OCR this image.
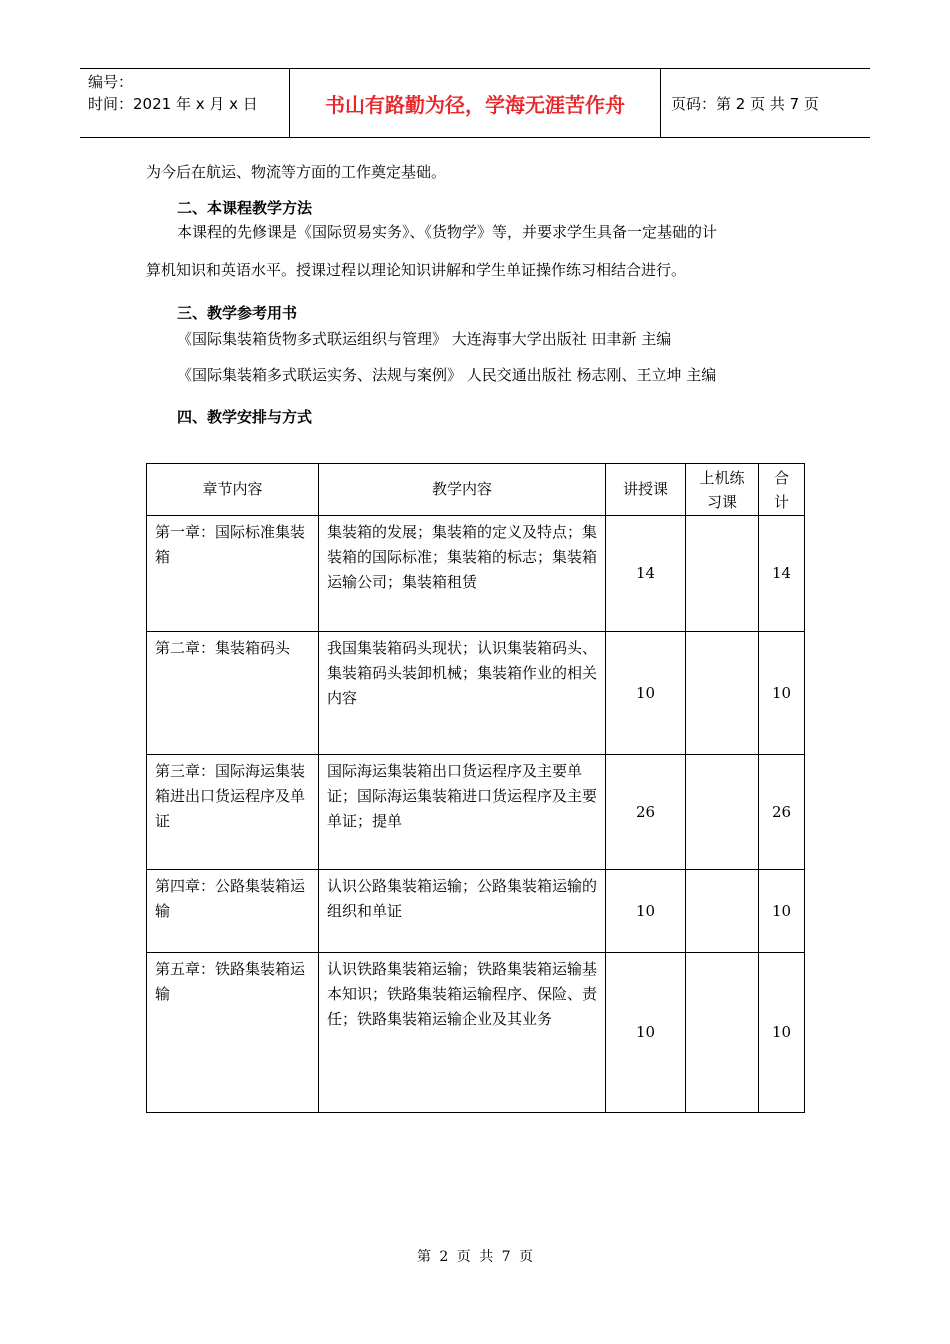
编号：
时间：2021 年 x 月 x 日	书山有路勤为径，学海无涯苦作舟	页码：第 2 页 共 7 页
为今后在航运、物流等方面的工作奠定基础。
二、本课程教学方法
本课程的先修课是《国际贸易实务》、《货物学》等，并要求学生具备一定基础的计
算机知识和英语水平。授课过程以理论知识讲解和学生单证操作练习相结合进行。
三、教学参考用书
《国际集装箱货物多式联运组织与管理》 大连海事大学出版社 田聿新 主编
《国际集装箱多式联运实务、法规与案例》 人民交通出版社 杨志刚、王立坤 主编
四、教学安排与方式
章节内容	教学内容	讲授课	上机练习课	合计
第一章：国际标准集装箱	集装箱的发展；集装箱的定义及特点；集装箱的国际标准；集装箱的标志；集装箱运输公司；集装箱租赁	14		14
第二章：集装箱码头	我国集装箱码头现状；认识集装箱码头、集装箱码头装卸机械；集装箱作业的相关内容	10		10
第三章：国际海运集装箱进出口货运程序及单证	国际海运集装箱出口货运程序及主要单证；国际海运集装箱进口货运程序及主要单证；提单	26		26
第四章：公路集装箱运输	认识公路集装箱运输；公路集装箱运输的组织和单证	10		10
第五章：铁路集装箱运输	认识铁路集装箱运输；铁路集装箱运输基本知识；铁路集装箱运输程序、保险、责任；铁路集装箱运输企业及其业务	10		10
第 2 页 共 7 页
